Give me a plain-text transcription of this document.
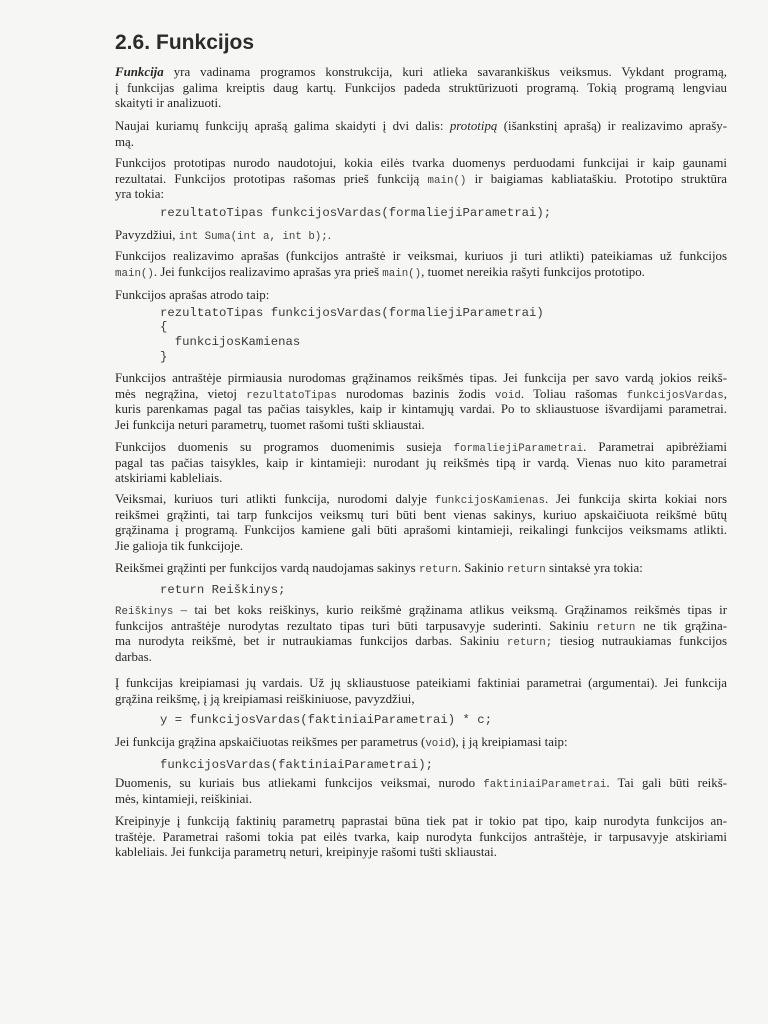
2.6. Funkcijos
Funkcija yra vadinama programos konstrukcija, kuri atlieka savarankiškus veiksmus. Vykdant programą,
į funkcijas galima kreiptis daug kartų. Funkcijos padeda struktūrizuoti programą. Tokią programą lengviau
skaityti ir analizuoti.
Naujai kuriamų funkcijų aprašą galima skaidyti į dvi dalis: prototipą (išankstinį aprašą) ir realizavimo aprašy-
mą.
Funkcijos prototipas nurodo naudotojui, kokia eilės tvarka duomenys perduodami funkcijai ir kaip gaunami
rezultatai. Funkcijos prototipas rašomas prieš funkciją main() ir baigiamas kabliataškiu. Prototipo struktūra
yra tokia:
rezultatoTipas funkcijosVardas(formaliejiParametrai);
Pavyzdžiui, int Suma(int a, int b);.
Funkcijos realizavimo aprašas (funkcijos antraštė ir veiksmai, kuriuos ji turi atlikti) pateikiamas už funkcijos
main(). Jei funkcijos realizavimo aprašas yra prieš main(), tuomet nereikia rašyti funkcijos prototipo.
Funkcijos aprašas atrodo taip:
rezultatoTipas funkcijosVardas(formaliejiParametrai)
{
funkcijosKamienas
}
Funkcijos antraštėje pirmiausia nurodomas grąžinamos reikšmės tipas. Jei funkcija per savo vardą jokios reikš-
mės negrąžina, vietoj rezultatoTipas nurodomas bazinis žodis void. Toliau rašomas funkcijosVardas,
kuris parenkamas pagal tas pačias taisykles, kaip ir kintamųjų vardai. Po to skliaustuose išvardijami parametrai.
Jei funkcija neturi parametrų, tuomet rašomi tušti skliaustai.
Funkcijos duomenis su programos duomenimis susieja formaliejiParametrai. Parametrai apibrėžiami
pagal tas pačias taisykles, kaip ir kintamieji: nurodant jų reikšmės tipą ir vardą. Vienas nuo kito parametrai
atskiriami kableliais.
Veiksmai, kuriuos turi atlikti funkcija, nurodomi dalyje funkcijosKamienas. Jei funkcija skirta kokiai nors
reikšmei grąžinti, tai tarp funkcijos veiksmų turi būti bent vienas sakinys, kuriuo apskaičiuota reikšmė būtų
grąžinama į programą. Funkcijos kamiene gali būti aprašomi kintamieji, reikalingi funkcijos veiksmams atlikti.
Jie galioja tik funkcijoje.
Reikšmei grąžinti per funkcijos vardą naudojamas sakinys return. Sakinio return sintaksė yra tokia:
return Reiškinys;
Reiškinys – tai bet koks reiškinys, kurio reikšmė grąžinama atlikus veiksmą. Grąžinamos reikšmės tipas ir
funkcijos antraštėje nurodytas rezultato tipas turi būti tarpusavyje suderinti. Sakiniu return ne tik grąžina-
ma nurodyta reikšmė, bet ir nutraukiamas funkcijos darbas. Sakiniu return; tiesiog nutraukiamas funkcijos
darbas.
Į funkcijas kreipiamasi jų vardais. Už jų skliaustuose pateikiami faktiniai parametrai (argumentai). Jei funkcija
grąžina reikšmę, į ją kreipiamasi reiškiniuose, pavyzdžiui,
y = funkcijosVardas(faktiniaiParametrai) * c;
Jei funkcija grąžina apskaičiuotas reikšmes per parametrus (void), į ją kreipiamasi taip:
funkcijosVardas(faktiniaiParametrai);
Duomenis, su kuriais bus atliekami funkcijos veiksmai, nurodo faktiniaiParametrai. Tai gali būti reikš-
mės, kintamieji, reiškiniai.
Kreipinyje į funkciją faktinių parametrų paprastai būna tiek pat ir tokio pat tipo, kaip nurodyta funkcijos an-
traštėje. Parametrai rašomi tokia pat eilės tvarka, kaip nurodyta funkcijos antraštėje, ir tarpusavyje atskiriami
kableliais. Jei funkcija parametrų neturi, kreipinyje rašomi tušti skliaustai.
